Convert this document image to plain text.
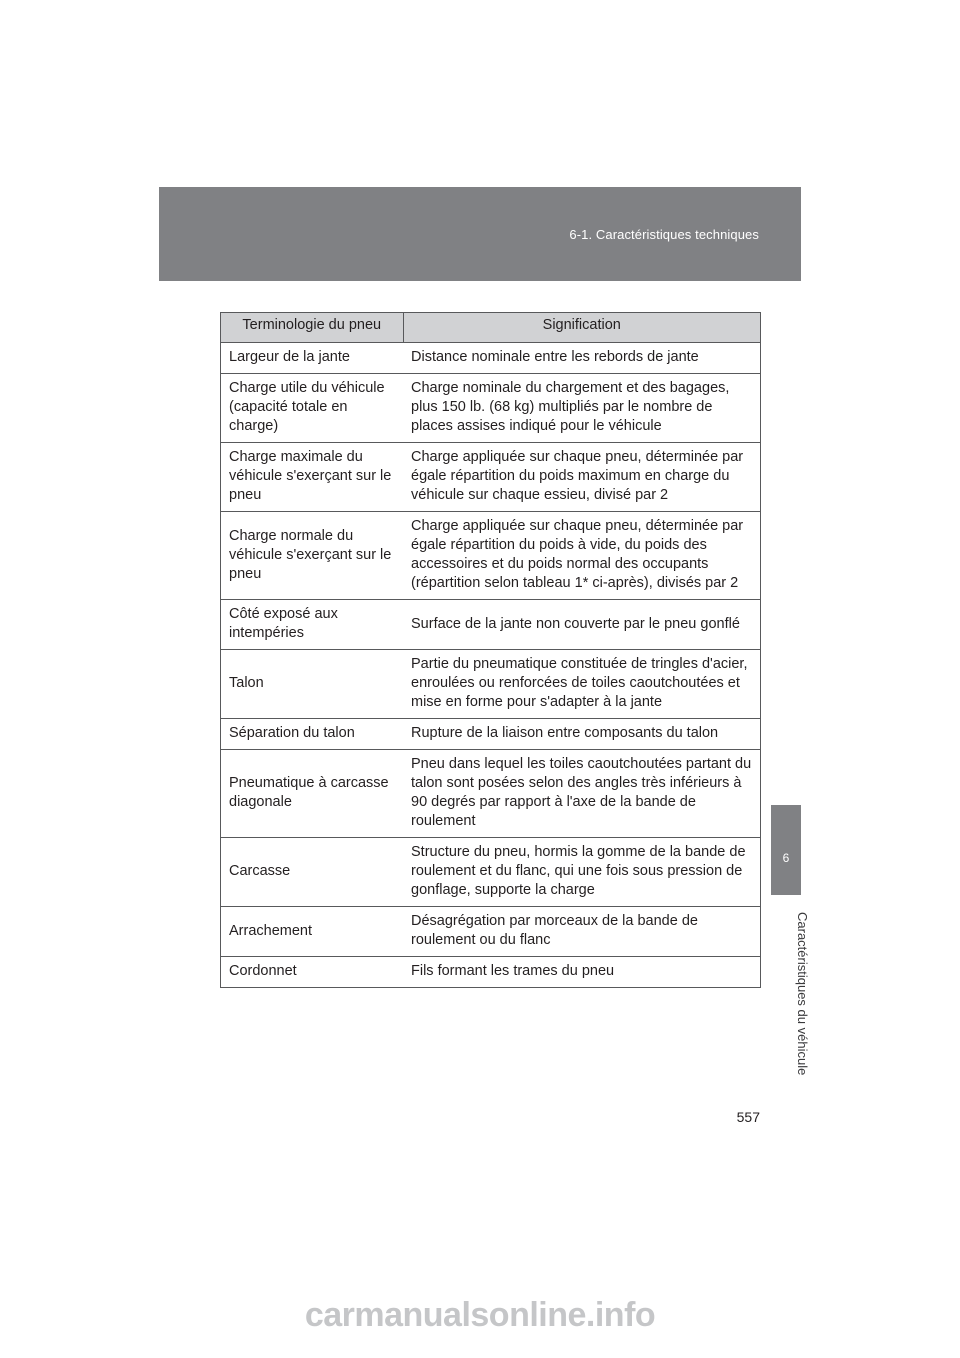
6-1. Caractéristiques techniques
6
Caractéristiques du véhicule
Terminologie du pneu	Signification
Largeur de la jante	Distance nominale entre les rebords de jante
Charge utile du véhicule (capacité totale en charge)	Charge nominale du chargement et des bagages, plus 150 lb. (68 kg) multipliés par le nombre de places assises indiqué pour le véhicule
Charge maximale du véhicule s'exerçant sur le pneu	Charge appliquée sur chaque pneu, déterminée par égale répartition du poids maximum en charge du véhicule sur chaque essieu, divisé par 2
Charge normale du véhicule s'exerçant sur le pneu	Charge appliquée sur chaque pneu, déterminée par égale répartition du poids à vide, du poids des accessoires et du poids normal des occupants (répartition selon tableau 1* ci-après), divisés par 2
Côté exposé aux intempéries	Surface de la jante non couverte par le pneu gonflé
Talon	Partie du pneumatique constituée de tringles d'acier, enroulées ou renforcées de toiles caoutchoutées et mise en forme pour s'adapter à la jante
Séparation du talon	Rupture de la liaison entre composants du talon
Pneumatique à carcasse diagonale	Pneu dans lequel les toiles caoutchoutées partant du talon sont posées selon des angles très inférieurs à 90 degrés par rapport à l'axe de la bande de roulement
Carcasse	Structure du pneu, hormis la gomme de la bande de roulement et du flanc, qui une fois sous pression de gonflage, supporte la charge
Arrachement	Désagrégation par morceaux de la bande de roulement ou du flanc
Cordonnet	Fils formant les trames du pneu
557
carmanualsonline.info
